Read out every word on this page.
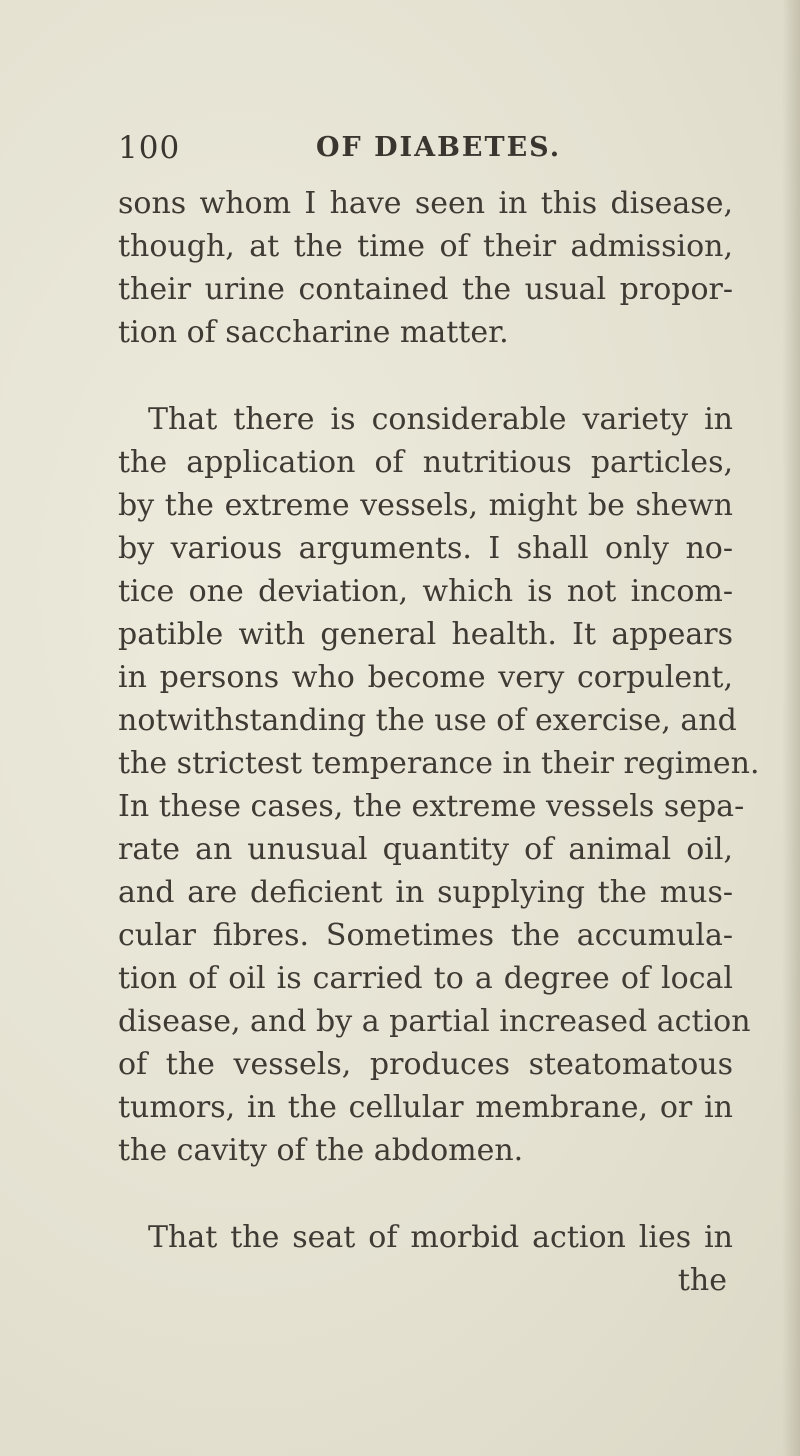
100	OF DIABETES.
sons whom I have seen in this disease,
though, at the time of their admission,
their urine contained the usual propor-
tion of saccharine matter.
That there is considerable variety in
the application of nutritious particles,
by the extreme vessels, might be shewn
by various arguments. I shall only no-
tice one deviation, which is not incom-
patible with general health. It appears
in persons who become very corpulent,
notwithstanding the use of exercise, and
the strictest temperance in their regimen.
In these cases, the extreme vessels sepa-
rate an unusual quantity of animal oil,
and are deficient in supplying the mus-
cular fibres. Sometimes the accumula-
tion of oil is carried to a degree of local
disease, and by a partial increased action
of the vessels, produces steatomatous
tumors, in the cellular membrane, or in
the cavity of the abdomen.
That the seat of morbid action lies in
the
